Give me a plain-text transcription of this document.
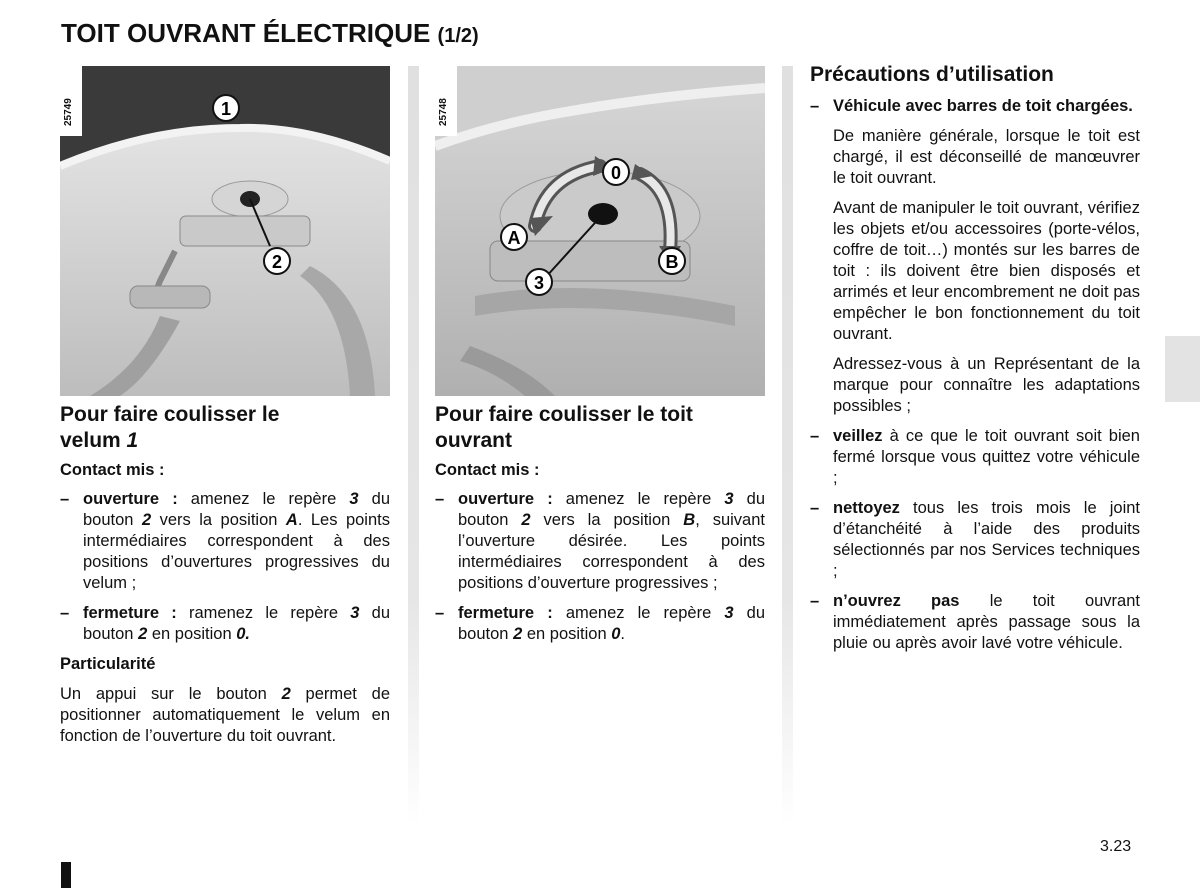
TOIT OUVRANT ÉLECTRIQUE (1/2)
1
2
25749
Pour faire coulisser le
velum 1
Contact mis :

– ouverture : amenez le repère 3 du bouton 2 vers la position A. Les points intermédiaires correspondent à des positions d’ouvertures progressives du velum ;

– fermeture : ramenez le repère 3 du bouton 2 en position 0.

Particularité

Un appui sur le bouton 2 permet de positionner automatiquement le velum en fonction de l’ouverture du toit ouvrant.

0
A
B
3
25748
Pour faire coulisser le toit
ouvrant
Contact mis :

– ouverture : amenez le repère 3 du bouton 2 vers la position B, suivant l’ouverture désirée. Les points intermédiaires correspondent à des positions d’ouverture progressives ;

– fermeture : amenez le repère 3 du bouton 2 en position 0.

Précautions d’utilisation

– Véhicule avec barres de toit chargées.

De manière générale, lorsque le toit est chargé, il est déconseillé de manœuvrer le toit ouvrant.

Avant de manipuler le toit ouvrant, vérifiez les objets et/ou accessoires (porte-vélos, coffre de toit…) montés sur les barres de toit : ils doivent être bien disposés et arrimés et leur encombrement ne doit pas empêcher le bon fonctionnement du toit ouvrant.

Adressez-vous à un Représentant de la marque pour connaître les adaptations possibles ;

– veillez à ce que le toit ouvrant soit bien fermé lorsque vous quittez votre véhicule ;

– nettoyez tous les trois mois le joint d’étanchéité à l’aide des produits sélectionnés par nos Services techniques ;

– n’ouvrez pas le toit ouvrant immédiatement après passage sous la pluie ou après avoir lavé votre véhicule.

3.23
